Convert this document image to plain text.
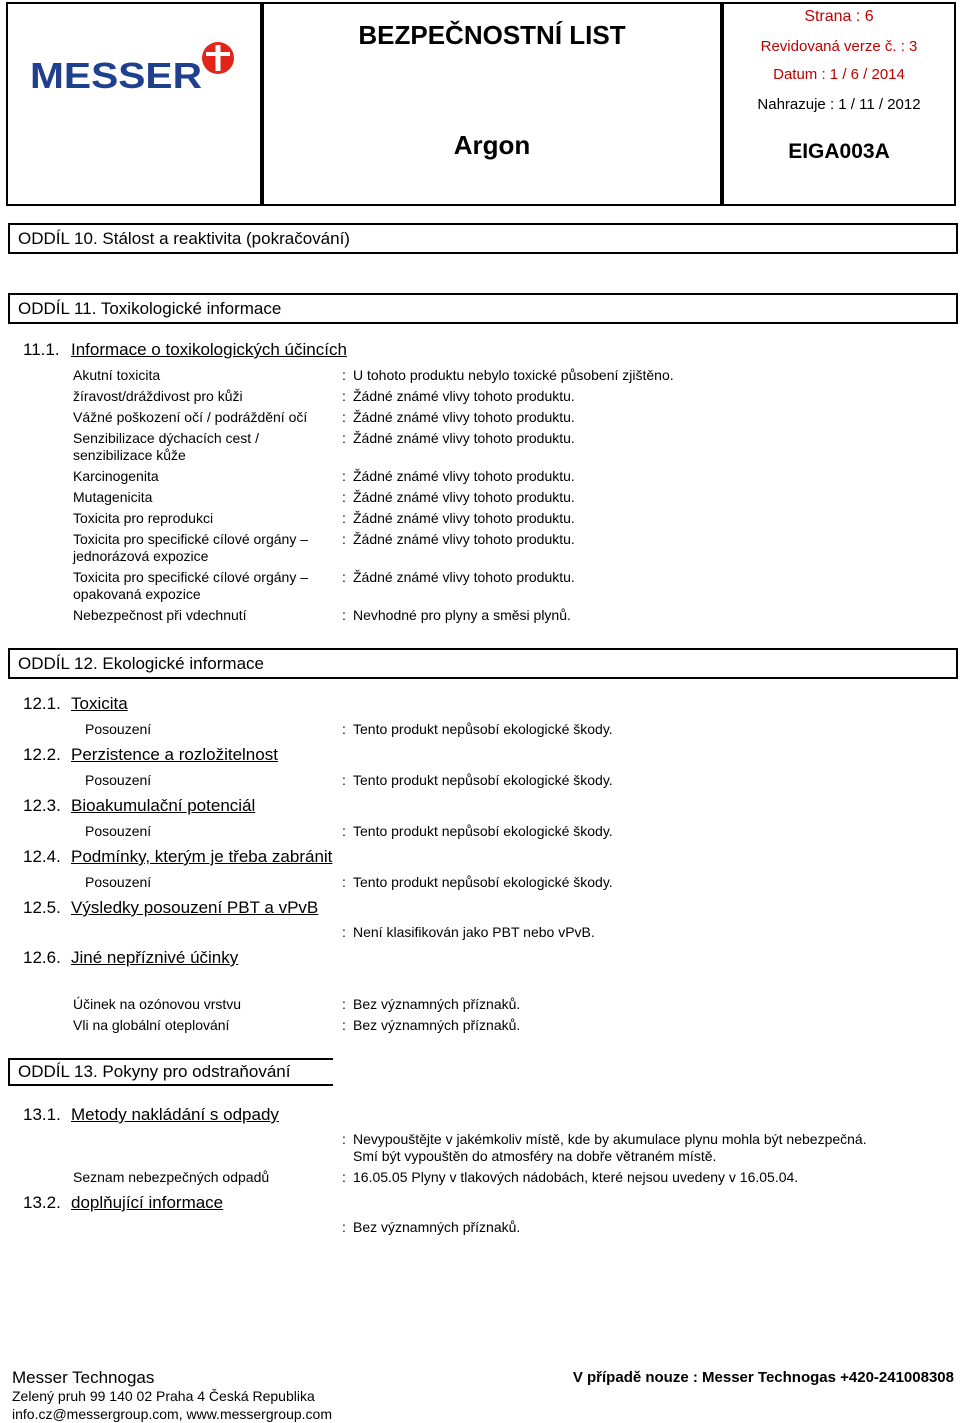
MESSER
BEZPEČNOSTNÍ LIST
Argon
Strana : 6
Revidovaná verze č. : 3
Datum : 1 / 6 / 2014
Nahrazuje : 1 / 11 / 2012
EIGA003A
ODDÍL 10. Stálost a reaktivita (pokračování)
ODDÍL 11. Toxikologické informace
11.1. Informace o toxikologických účincích
Akutní toxicita	: U tohoto produktu nebylo toxické působení zjištěno.
žíravost/dráždivost pro kůži	: Žádné známé vlivy tohoto produktu.
Vážné poškození očí / podráždění očí : Žádné známé vlivy tohoto produktu.
Senzibilizace dýchacích cest /
senzibilizace kůže
: Žádné známé vlivy tohoto produktu.
Karcinogenita	: Žádné známé vlivy tohoto produktu.
Mutagenicita	: Žádné známé vlivy tohoto produktu.
Toxicita pro reprodukci	: Žádné známé vlivy tohoto produktu.
Toxicita pro specifické cílové orgány –
jednorázová expozice
: Žádné známé vlivy tohoto produktu.
Toxicita pro specifické cílové orgány –
opakovaná expozice
: Žádné známé vlivy tohoto produktu.
Nebezpečnost při vdechnutí	: Nevhodné pro plyny a směsi plynů.
ODDÍL 12. Ekologické informace
12.1. Toxicita
Posouzení	: Tento produkt nepůsobí ekologické škody.
12.2. Perzistence a rozložitelnost
Posouzení	: Tento produkt nepůsobí ekologické škody.
12.3. Bioakumulační potenciál
Posouzení	: Tento produkt nepůsobí ekologické škody.
12.4. Podmínky, kterým je třeba zabránit
Posouzení	: Tento produkt nepůsobí ekologické škody.
12.5. Výsledky posouzení PBT a vPvB
: Není klasifikován jako PBT nebo vPvB.
12.6. Jiné nepříznivé účinky
Účinek na ozónovou vrstvu	: Bez významných příznaků.
Vli na globální oteplování	: Bez významných příznaků.
ODDÍL 13. Pokyny pro odstraňování
13.1. Metody nakládání s odpady
: Nevypouštějte v jakémkoliv místě, kde by akumulace plynu mohla být nebezpečná.
Smí být vypouštěn do atmosféry na dobře větraném místě.
Seznam nebezpečných odpadů	: 16.05.05 Plyny v tlakových nádobách, které nejsou uvedeny v 16.05.04.
13.2. doplňující informace
: Bez významných příznaků.
Messer Technogas
Zelený pruh 99 140 02 Praha 4 Česká Republika
info.cz@messergroup.com, www.messergroup.com
V případě nouze : Messer Technogas +420-241008308
